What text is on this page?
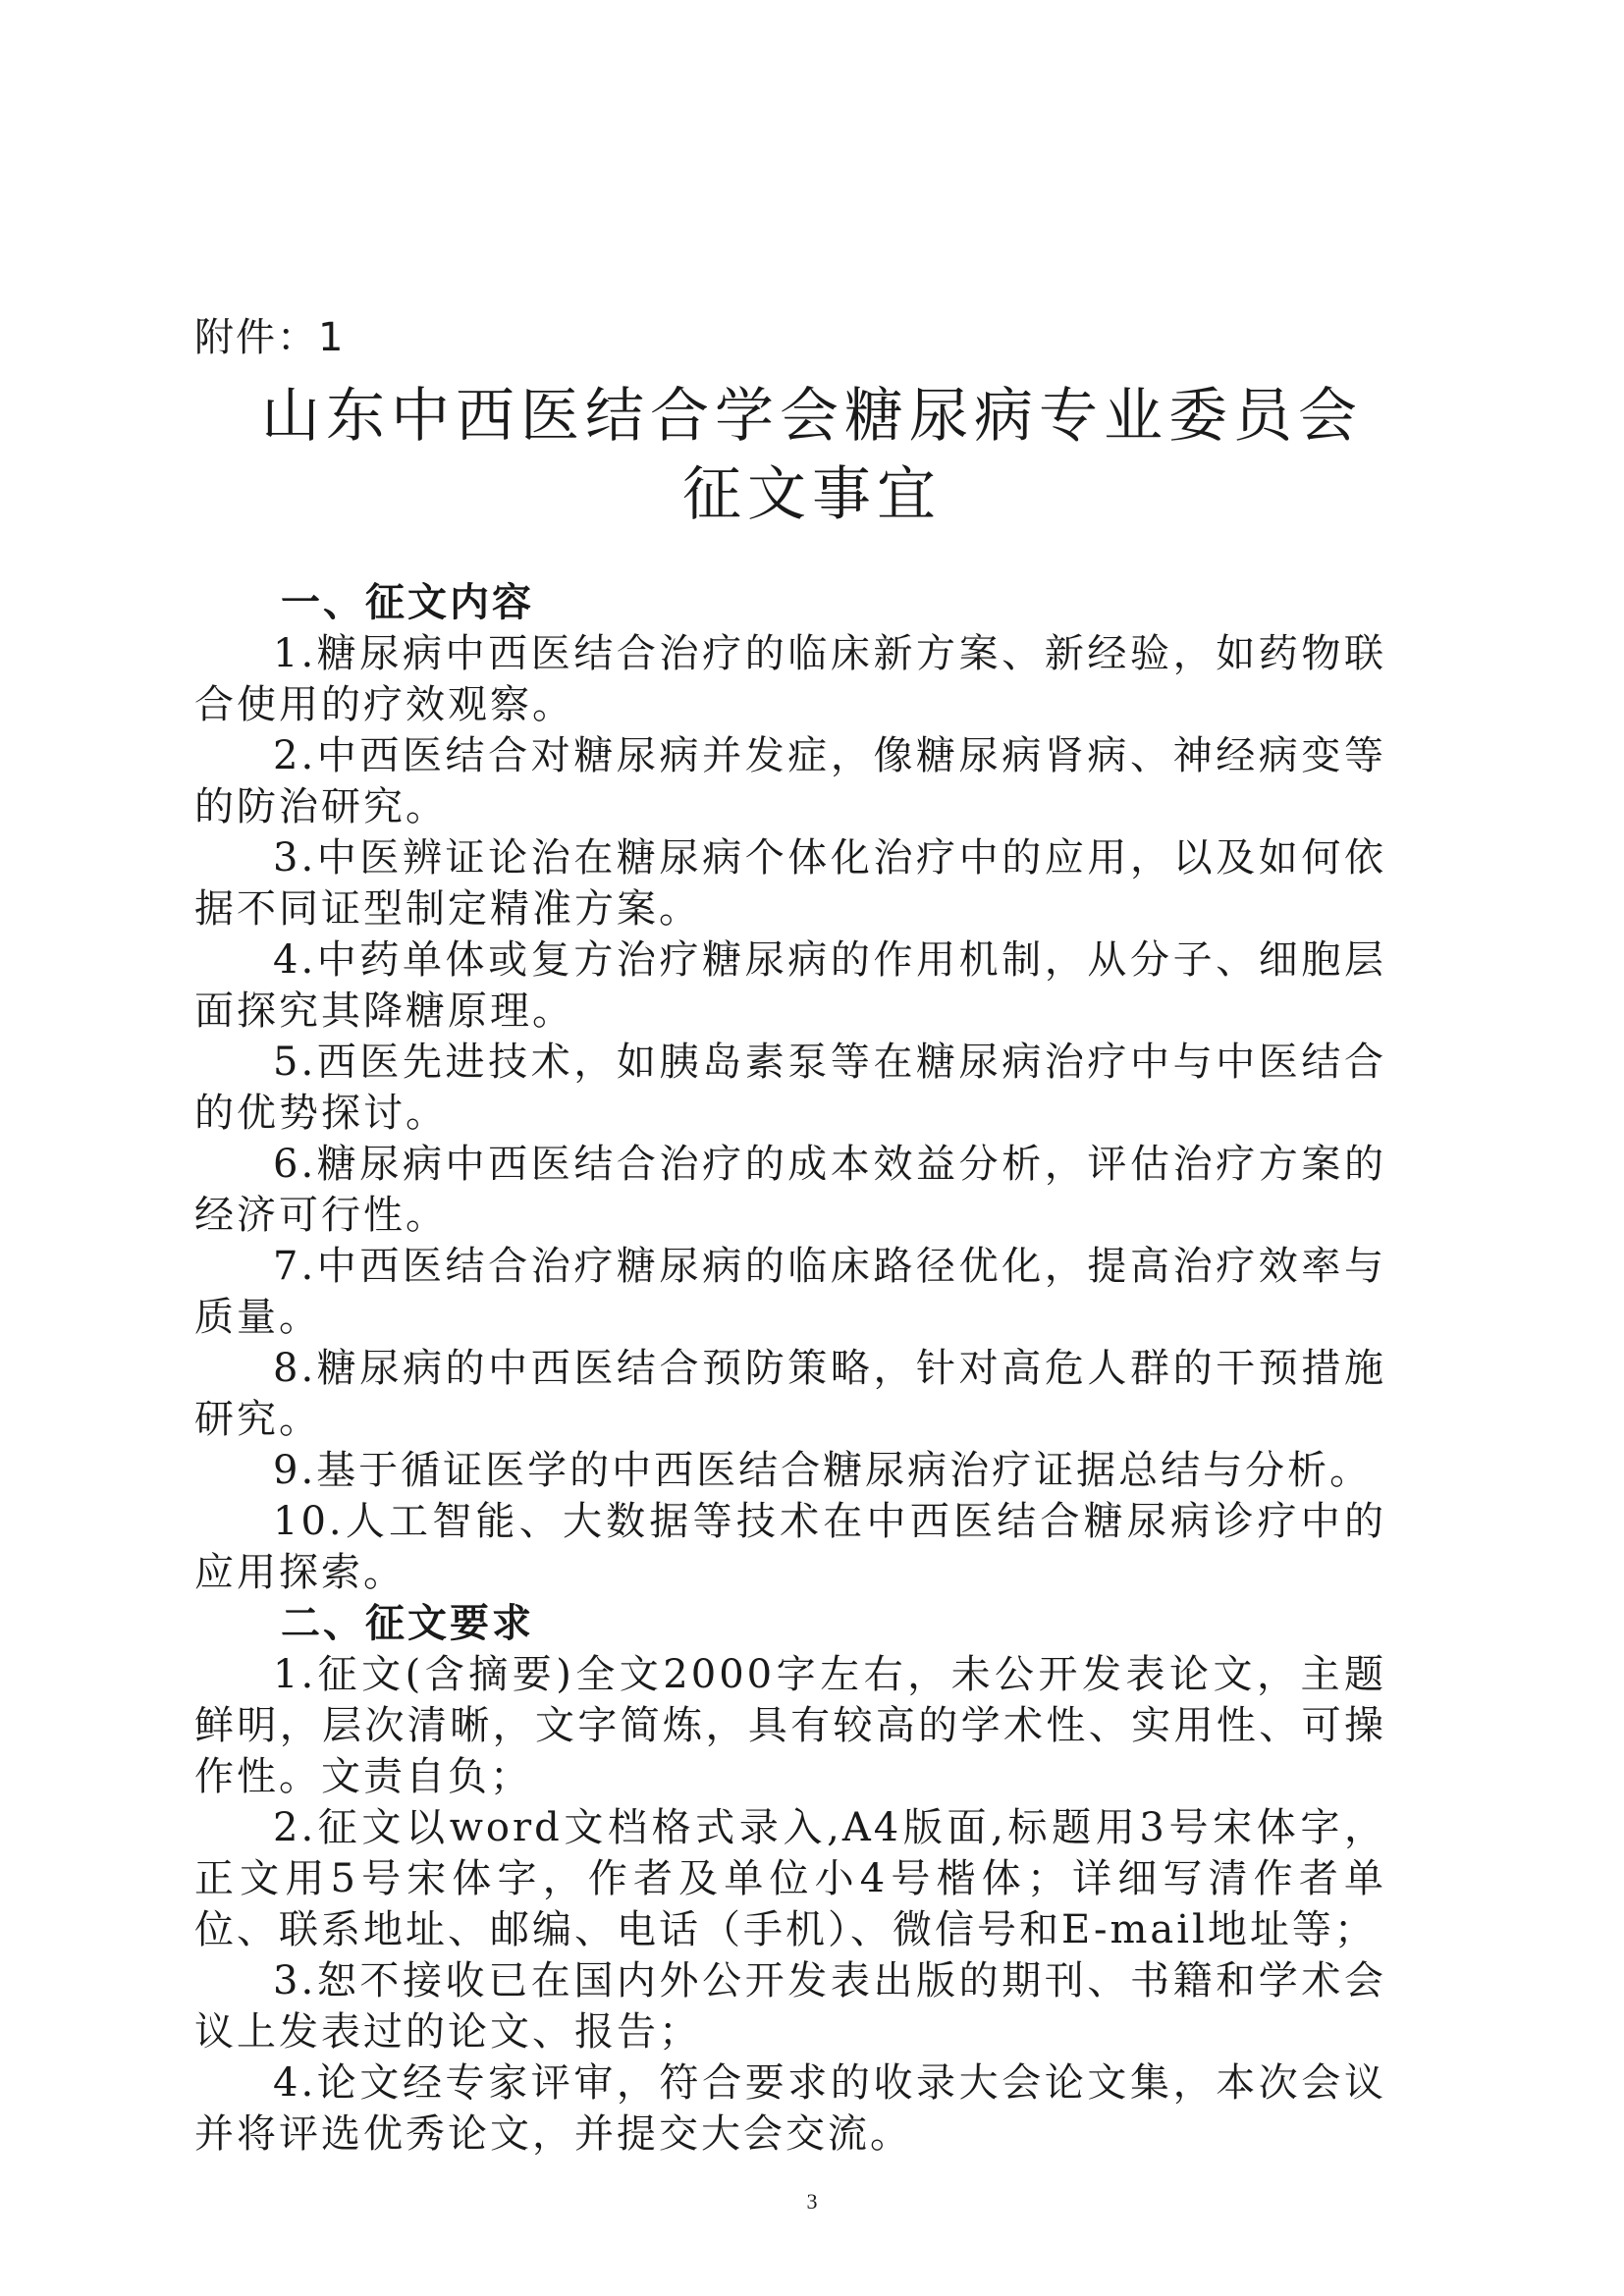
附件：1
山东中西医结合学会糖尿病专业委员会
征文事宜

一、征文内容

1.糖尿病中西医结合治疗的临床新方案、新经验，如药物联合使用的疗效观察。

2.中西医结合对糖尿病并发症，像糖尿病肾病、神经病变等的防治研究。

3.中医辨证论治在糖尿病个体化治疗中的应用，以及如何依据不同证型制定精准方案。

4.中药单体或复方治疗糖尿病的作用机制，从分子、细胞层面探究其降糖原理。

5.西医先进技术，如胰岛素泵等在糖尿病治疗中与中医结合的优势探讨。

6.糖尿病中西医结合治疗的成本效益分析，评估治疗方案的经济可行性。

7.中西医结合治疗糖尿病的临床路径优化，提高治疗效率与质量。

8.糖尿病的中西医结合预防策略，针对高危人群的干预措施研究。

9.基于循证医学的中西医结合糖尿病治疗证据总结与分析。

10.人工智能、大数据等技术在中西医结合糖尿病诊疗中的应用探索。

二、征文要求

1.征文(含摘要)全文2000字左右，未公开发表论文，主题鲜明，层次清晰，文字简炼，具有较高的学术性、实用性、可操作性。文责自负；

2.征文以word文档格式录入,A4版面,标题用3号宋体字，正文用5号宋体字，作者及单位小4号楷体；详细写清作者单位、联系地址、邮编、电话（手机）、微信号和E-mail地址等；

3.恕不接收已在国内外公开发表出版的期刊、书籍和学术会议上发表过的论文、报告；

4.论文经专家评审，符合要求的收录大会论文集，本次会议并将评选优秀论文，并提交大会交流。

3
